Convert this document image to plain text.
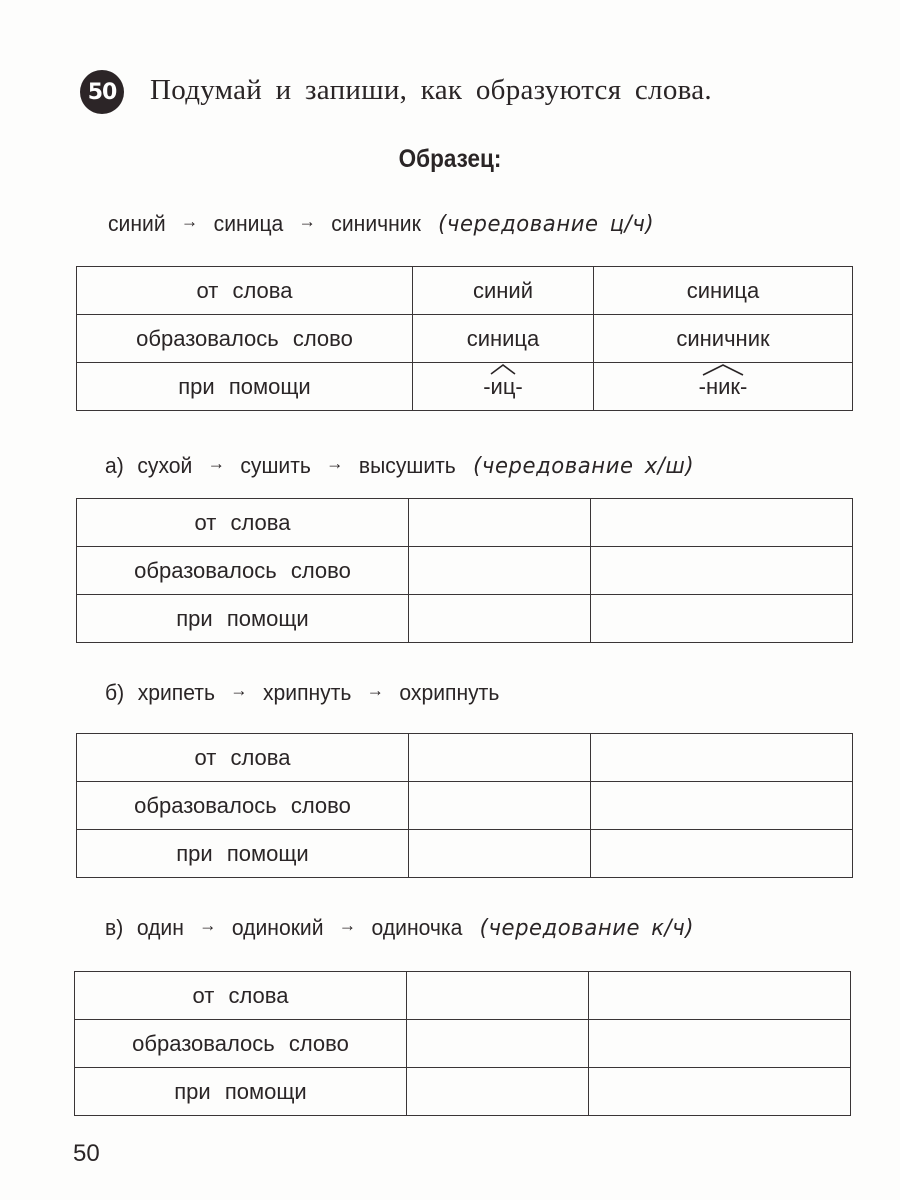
50 Подумай и запиши, как образуются слова.
Образец:
синий → синица → синичник (чередование ц/ч)
от слова	синий	синица
образовалось слово	синица	синичник
при помощи	-иц-	-ник-
а) сухой → сушить → высушить (чередование х/ш)
от слова		
образовалось слово		
при помощи		
б) хрипеть → хрипнуть → охрипнуть
от слова		
образовалось слово		
при помощи		
в) один → одинокий → одиночка (чередование к/ч)
от слова		
образовалось слово		
при помощи		
50
